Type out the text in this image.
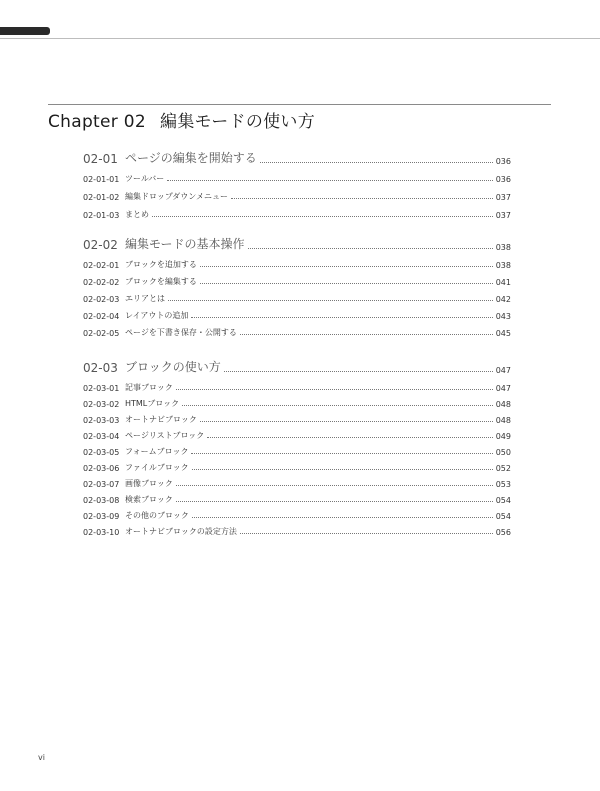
Chapter 02 編集モードの使い方
02-01 ページの編集を開始する	036
02-01-01 ツールバー	036
02-01-02 編集ドロップダウンメニュー	037
02-01-03 まとめ	037
02-02 編集モードの基本操作	038
02-02-01 ブロックを追加する	038
02-02-02 ブロックを編集する	041
02-02-03 エリアとは	042
02-02-04 レイアウトの追加	043
02-02-05 ページを下書き保存・公開する	045
02-03 ブロックの使い方	047
02-03-01 記事ブロック	047
02-03-02 HTMLブロック	048
02-03-03 オートナビブロック	048
02-03-04 ページリストブロック	049
02-03-05 フォームブロック	050
02-03-06 ファイルブロック	052
02-03-07 画像ブロック	053
02-03-08 検索ブロック	054
02-03-09 その他のブロック	054
02-03-10 オートナビブロックの設定方法	056
vi
